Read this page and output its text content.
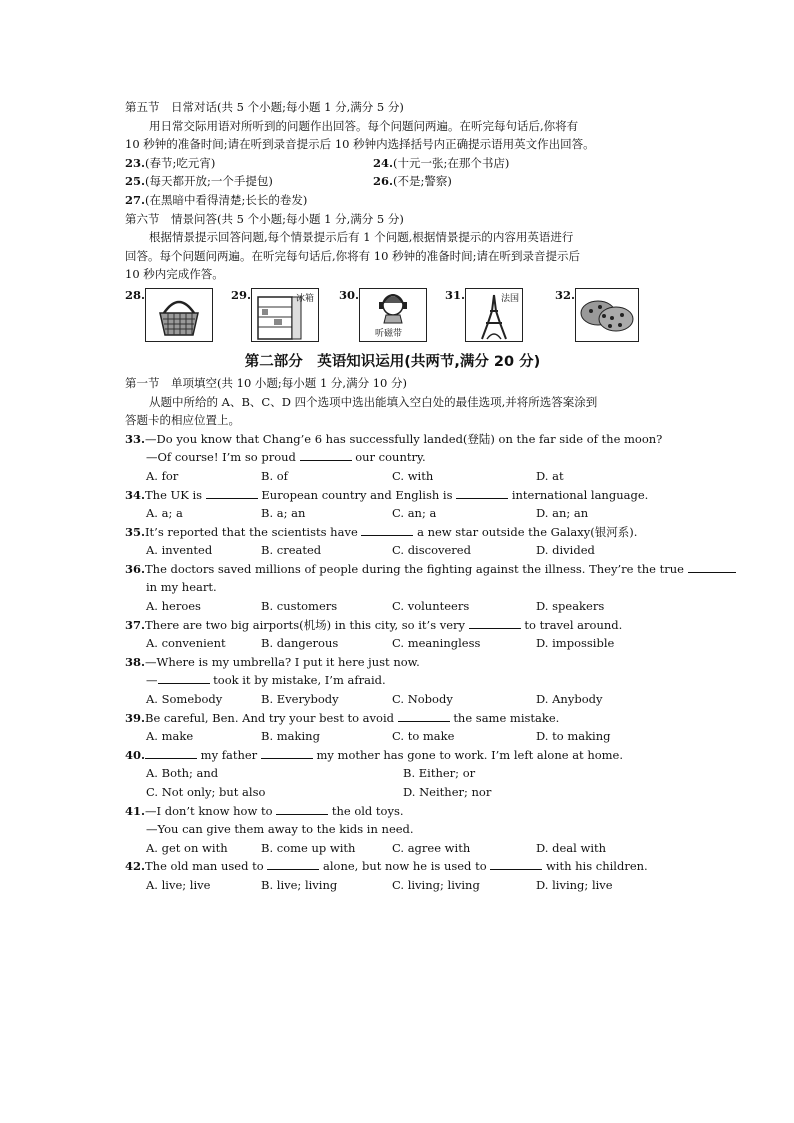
第五节　日常对话(共 5 个小题;每小题 1 分,满分 5 分)
用日常交际用语对所听到的问题作出回答。每个问题问两遍。在听完每句话后,你将有
10 秒钟的准备时间;请在听到录音提示后 10 秒钟内选择括号内正确提示语用英文作出回答。
23.(春节;吃元宵)	24.(十元一张;在那个书店)
25.(每天都开放;一个手提包)	26.(不是;警察)
27.(在黑暗中看得清楚;长长的卷发)
第六节　情景问答(共 5 个小题;每小题 1 分,满分 5 分)
根据情景提示回答问题,每个情景提示后有 1 个问题,根据情景提示的内容用英语进行
回答。每个问题问两遍。在听完每句话后,你将有 10 秒钟的准备时间;请在听到录音提示后
10 秒内完成作答。
28.	29.	冰箱 30.
听磁带
31.	法国	32.
第二部分　英语知识运用(共两节,满分 20 分)
第一节　单项填空(共 10 小题;每小题 1 分,满分 10 分)
从题中所给的 A、B、C、D 四个选项中选出能填入空白处的最佳选项,并将所选答案涂到
答题卡的相应位置上。
33.—Do you know that Chang’e 6 has successfully landed(登陆) on the far side of the moon?
—Of course! I’m so proud	our country.
A. for	B. of	C. with	D. at
34.The UK is	European country and English is	international language.
A. a; a	B. a; an	C. an; a	D. an; an
35.It’s reported that the scientists have	a new star outside the Galaxy(银河系).
A. invented	B. created	C. discovered	D. divided
36.The doctors saved millions of people during the fighting against the illness. They’re the true
in my heart.
A. heroes	B. customers	C. volunteers	D. speakers
37.There are two big airports(机场) in this city, so it’s very	to travel around.
A. convenient	B. dangerous	C. meaningless	D. impossible
38.—Where is my umbrella? I put it here just now.
—	took it by mistake, I’m afraid.
A. Somebody	B. Everybody	C. Nobody	D. Anybody
39.Be careful, Ben. And try your best to avoid	the same mistake.
A. make	B. making	C. to make	D. to making
40.	my father	my mother has gone to work. I’m left alone at home.
A. Both; and	B. Either; or
C. Not only; but also	D. Neither; nor
41.—I don’t know how to	the old toys.
—You can give them away to the kids in need.
A. get on with	B. come up with	C. agree with	D. deal with
42.The old man used to	alone, but now he is used to	with his children.
A. live; live	B. live; living	C. living; living	D. living; live
